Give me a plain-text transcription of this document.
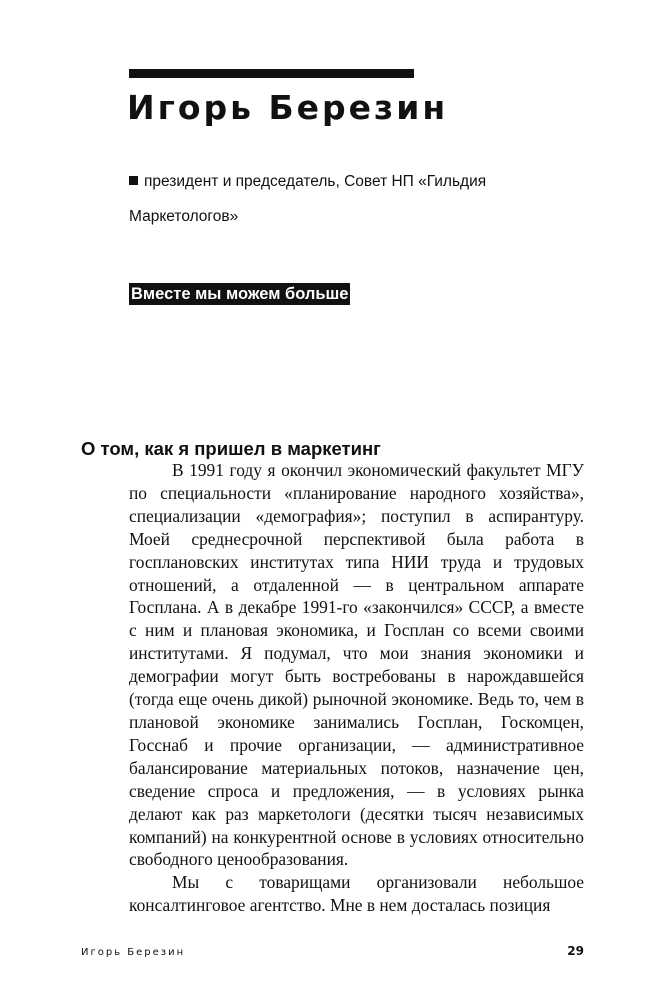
Игорь Березин
президент и председатель, Совет НП «Гильдия Маркетологов»
Вместе мы можем больше
О том, как я пришел в маркетинг

В 1991 году я окончил экономический факультет МГУ по специальности «планирование народного хозяйства», специализации «демография»; поступил в аспирантуру. Моей среднесрочной перспективой была работа в госплановских институтах типа НИИ труда и трудовых отношений, а отдаленной — в центральном аппарате Госплана. А в декабре 1991-го «закончился» СССР, а вместе с ним и плановая экономика, и Госплан со всеми своими институтами. Я подумал, что мои знания экономики и демографии могут быть востребованы в нарождавшейся (тогда еще очень дикой) рыночной экономике. Ведь то, чем в плановой экономике занимались Госплан, Госкомцен, Госснаб и прочие организации, — административное балансирование материальных потоков, назначение цен, сведение спроса и предложения, — в условиях рынка делают как раз маркетологи (десятки тысяч независимых компаний) на конкурентной основе в условиях относительно свободного ценообразования.

Мы с товарищами организовали небольшое консалтинговое агентство. Мне в нем досталась позиция

Игорь Березин	29
